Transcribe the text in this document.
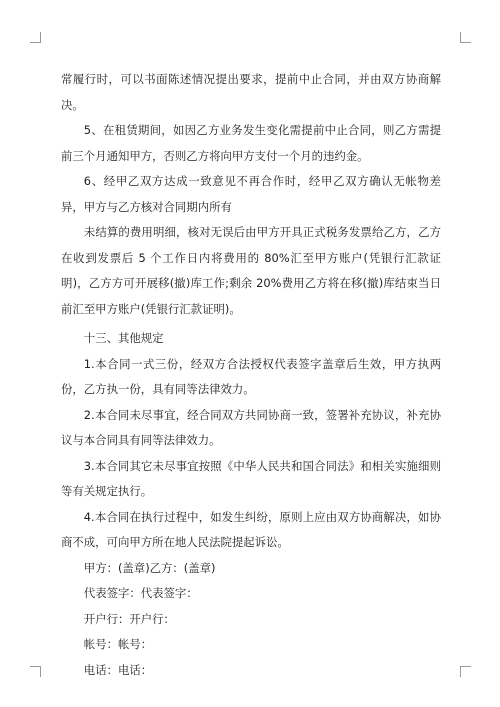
常履行时，可以书面陈述情况提出要求，提前中止合同，并由双方协商解决。

5、在租赁期间，如因乙方业务发生变化需提前中止合同，则乙方需提前三个月通知甲方，否则乙方将向甲方支付一个月的违约金。

6、经甲乙双方达成一致意见不再合作时，经甲乙双方确认无帐物差异，甲方与乙方核对合同期内所有

未结算的费用明细，核对无误后由甲方开具正式税务发票给乙方，乙方在收到发票后 5 个工作日内将费用的 80%汇至甲方账户(凭银行汇款证明)，乙方方可开展移(撤)库工作;剩余 20%费用乙方将在移(撤)库结束当日前汇至甲方账户(凭银行汇款证明)。

十三、其他规定

1.本合同一式三份，经双方合法授权代表签字盖章后生效，甲方执两份，乙方执一份，具有同等法律效力。

2.本合同未尽事宜，经合同双方共同协商一致，签署补充协议，补充协议与本合同具有同等法律效力。

3.本合同其它未尽事宜按照《中华人民共和国合同法》和相关实施细则等有关规定执行。

4.本合同在执行过程中，如发生纠纷，原则上应由双方协商解决，如协商不成，可向甲方所在地人民法院提起诉讼。

甲方：(盖章)乙方：(盖章)

代表签字：代表签字：

开户行：开户行：

帐号：帐号：

电话：电话：
